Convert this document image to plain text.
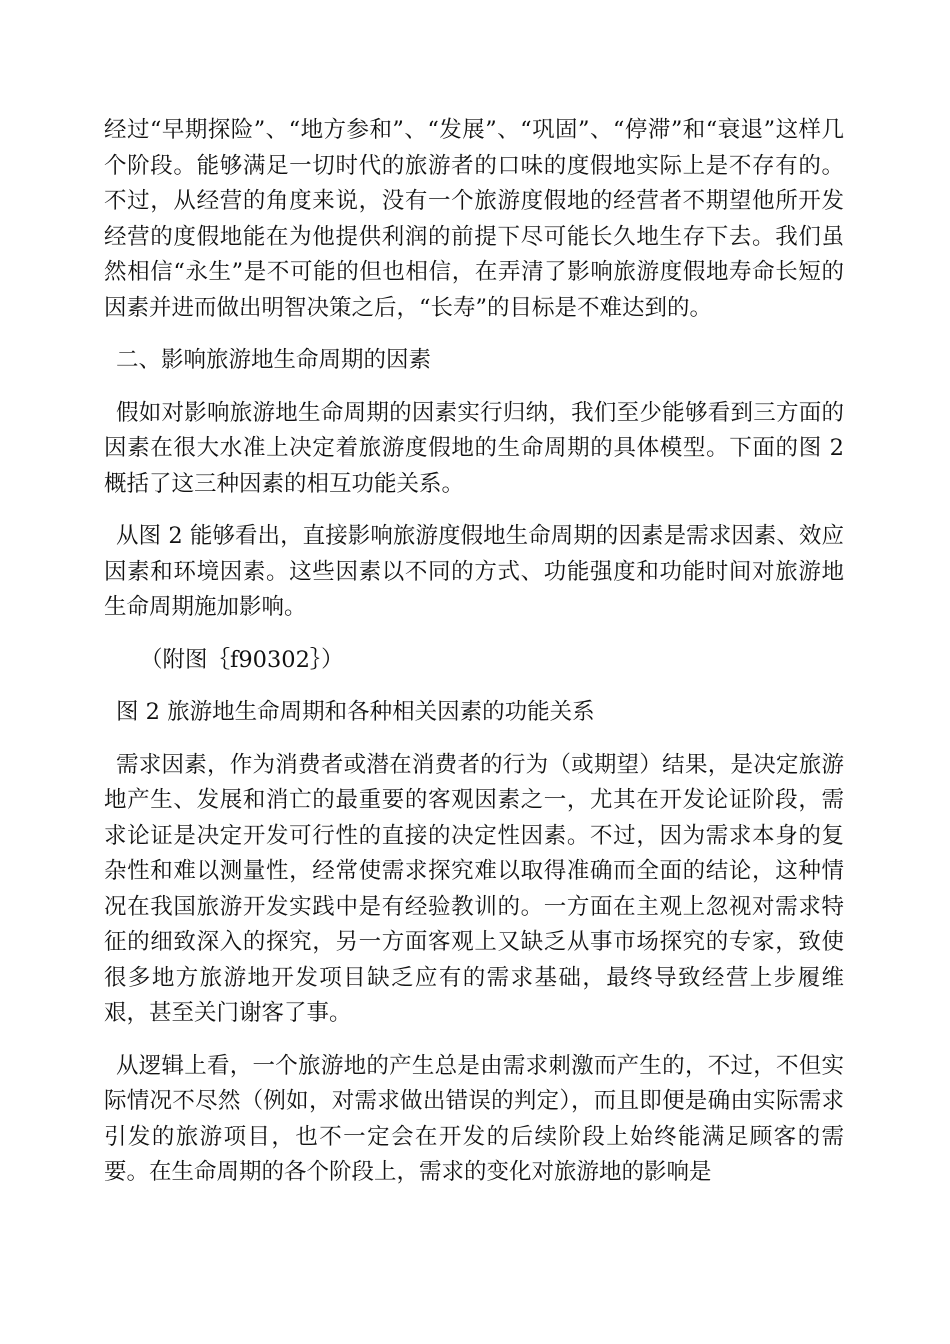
经过“早期探险”、“地方参和”、“发展”、“巩固”、“停滞”和“衰退”这样几个阶段。能够满足一切时代的旅游者的口味的度假地实际上是不存有的。不过，从经营的角度来说，没有一个旅游度假地的经营者不期望他所开发经营的度假地能在为他提供利润的前提下尽可能长久地生存下去。我们虽然相信“永生”是不可能的但也相信，在弄清了影响旅游度假地寿命长短的因素并进而做出明智决策之后，“长寿”的目标是不难达到的。

二、影响旅游地生命周期的因素

假如对影响旅游地生命周期的因素实行归纳，我们至少能够看到三方面的因素在很大水准上决定着旅游度假地的生命周期的具体模型。下面的图 2 概括了这三种因素的相互功能关系。

从图 2 能够看出，直接影响旅游度假地生命周期的因素是需求因素、效应因素和环境因素。这些因素以不同的方式、功能强度和功能时间对旅游地生命周期施加影响。

（附图｛f90302｝）

图 2 旅游地生命周期和各种相关因素的功能关系

需求因素，作为消费者或潜在消费者的行为（或期望）结果，是决定旅游地产生、发展和消亡的最重要的客观因素之一，尤其在开发论证阶段，需求论证是决定开发可行性的直接的决定性因素。不过，因为需求本身的复杂性和难以测量性，经常使需求探究难以取得准确而全面的结论，这种情况在我国旅游开发实践中是有经验教训的。一方面在主观上忽视对需求特征的细致深入的探究，另一方面客观上又缺乏从事市场探究的专家，致使很多地方旅游地开发项目缺乏应有的需求基础，最终导致经营上步履维艰，甚至关门谢客了事。

从逻辑上看，一个旅游地的产生总是由需求刺激而产生的，不过，不但实际情况不尽然（例如，对需求做出错误的判定），而且即便是确由实际需求引发的旅游项目，也不一定会在开发的后续阶段上始终能满足顾客的需要。在生命周期的各个阶段上，需求的变化对旅游地的影响是
